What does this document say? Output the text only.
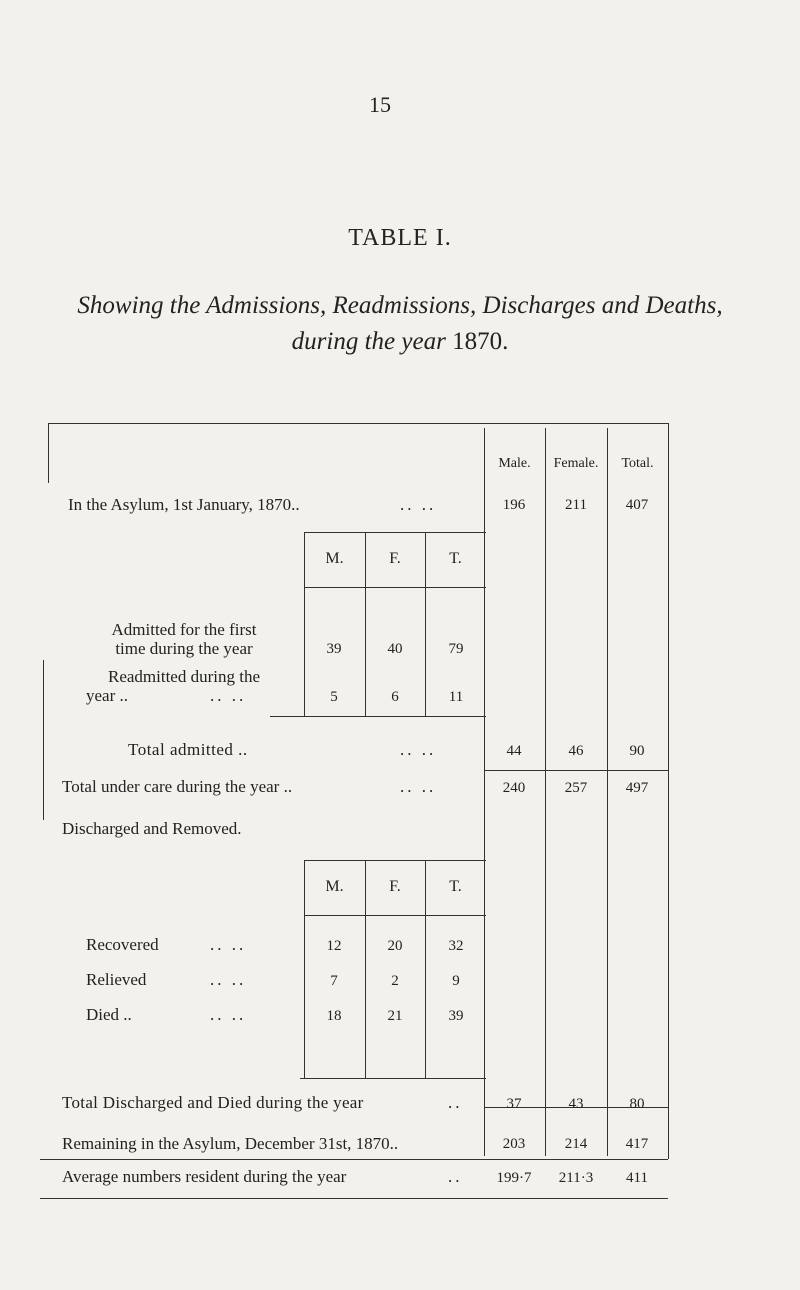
15
TABLE I.
Showing the Admissions, Readmissions, Discharges and Deaths,
during the year 1870.
Male.	Female.	Total.
In the Asylum, 1st January, 1870..	.. ..	196	211	407
M.	F.	T.
Admitted for the first
time during the year	39	40	79
Readmitted during the
year ..	.. ..	5	6	11
Total admitted ..	.. ..	44	46	90
Total under care during the year ..	.. ..	240	257	497
Discharged and Removed.
M.	F.	T.
Recovered	.. ..	12	20	32
Relieved	.. ..	7	2	9
Died ..	.. ..	18	21	39
Total Discharged and Died during the year	..	37	43	80
Remaining in the Asylum, December 31st, 1870..	203	214	417
Average numbers resident during the year	..	199·7	211·3	411
